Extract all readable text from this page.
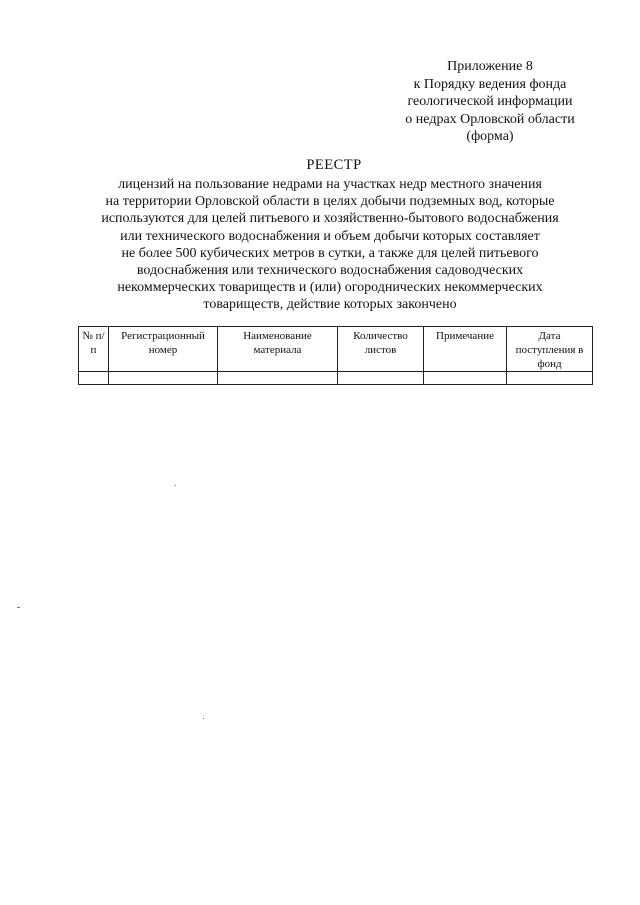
Приложение 8
к Порядку ведения фонда
геологической информации
о недрах Орловской области
(форма)
РЕЕСТР
лицензий на пользование недрами на участках недр местного значения
на территории Орловской области в целях добычи подземных вод, которые
используются для целей питьевого и хозяйственно-бытового водоснабжения
или технического водоснабжения и объем добычи которых составляет
не более 500 кубических метров в сутки, а также для целей питьевого
водоснабжения или технического водоснабжения садоводческих
некоммерческих товариществ и (или) огороднических некоммерческих
товариществ, действие которых закончено
№ п/п	Регистрационный номер	Наименование материала	Количество листов	Примечание	Дата поступления в фонд
